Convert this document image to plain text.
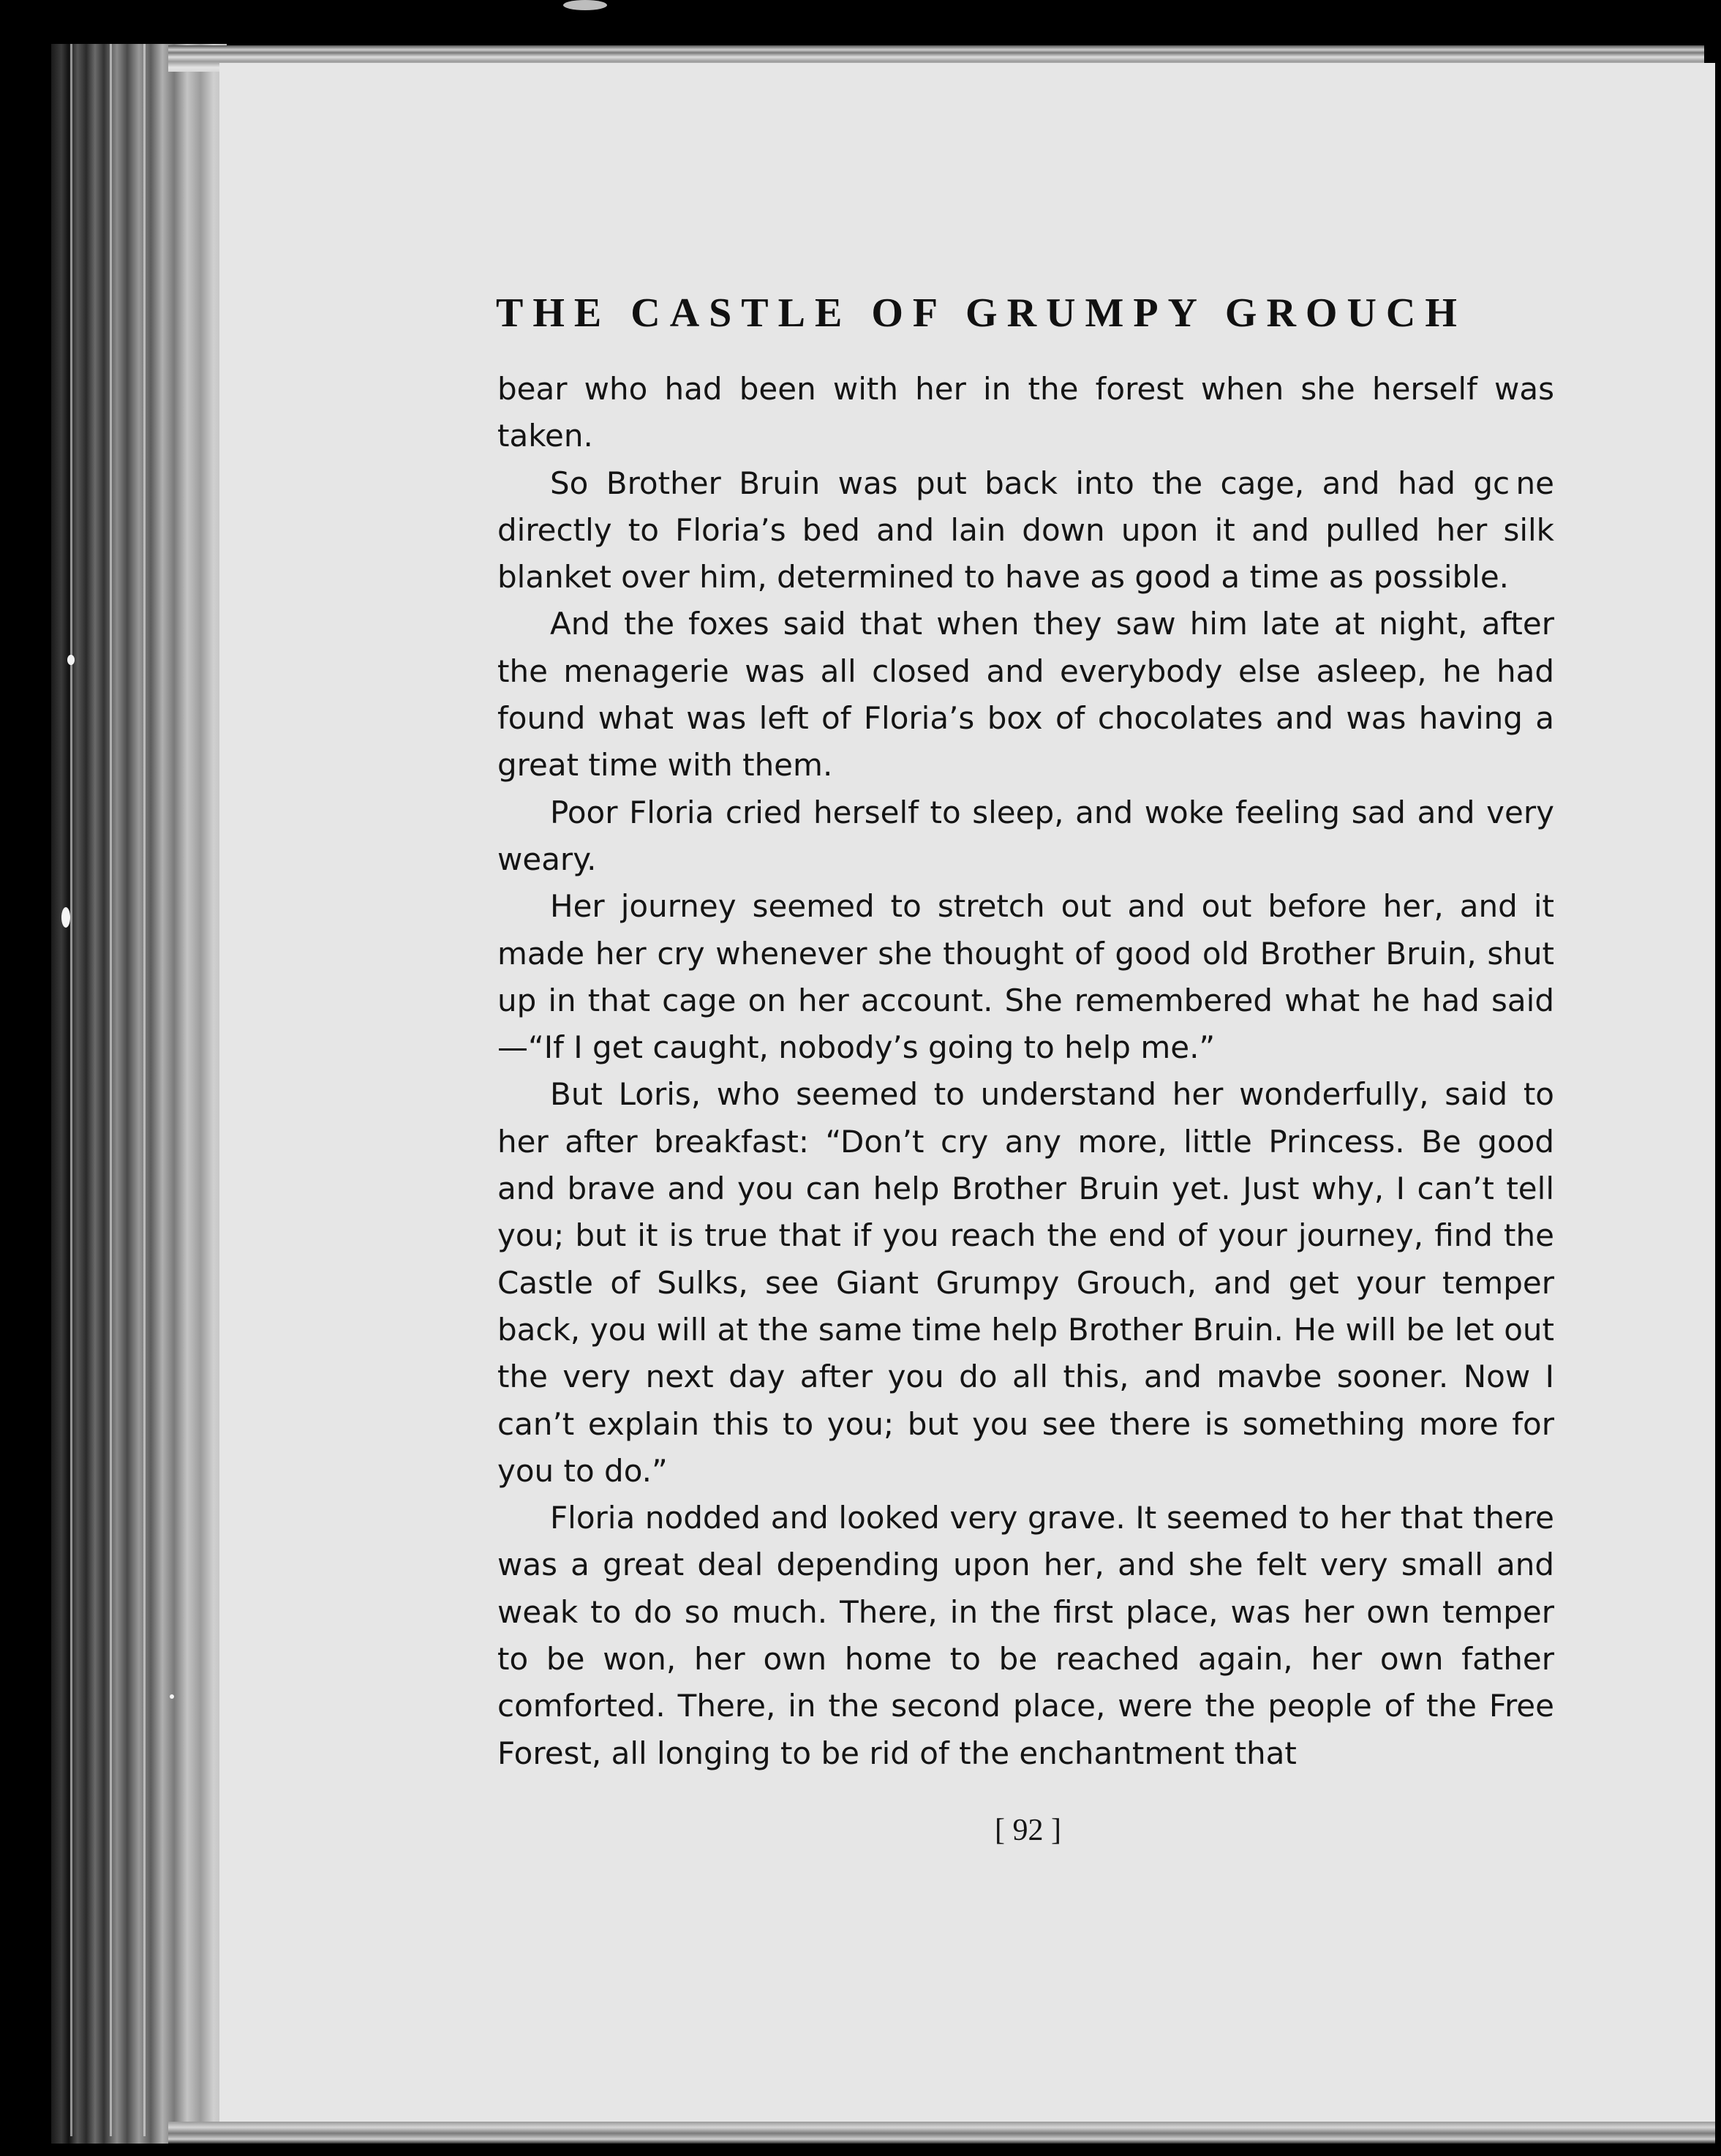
THE CASTLE OF GRUMPY GROUCH

bear who had been with her in the forest when she herself was taken.

So Brother Bruin was put back into the cage, and had gc ne directly to Floria’s bed and lain down upon it and pulled her silk blanket over him, determined to have as good a time as possible.

And the foxes said that when they saw him late at night, after the menagerie was all closed and everybody else asleep, he had found what was left of Floria’s box of chocolates and was having a great time with them.

Poor Floria cried herself to sleep, and woke feeling sad and very weary.

Her journey seemed to stretch out and out before her, and it made her cry whenever she thought of good old Brother Bruin, shut up in that cage on her account. She remembered what he had said—“If I get caught, nobody’s going to help me.”

But Loris, who seemed to understand her wonderfully, said to her after breakfast: “Don’t cry any more, little Princess. Be good and brave and you can help Brother Bruin yet. Just why, I can’t tell you; but it is true that if you reach the end of your journey, find the Castle of Sulks, see Giant Grumpy Grouch, and get your temper back, you will at the same time help Brother Bruin. He will be let out the very next day after you do all this, and mavbe sooner. Now I can’t explain this to you; but you see there is something more for you to do.”

Floria nodded and looked very grave. It seemed to her that there was a great deal depending upon her, and she felt very small and weak to do so much. There, in the first place, was her own temper to be won, her own home to be reached again, her own father comforted. There, in the second place, were the people of the Free Forest, all longing to be rid of the enchantment that

[ 92 ]
